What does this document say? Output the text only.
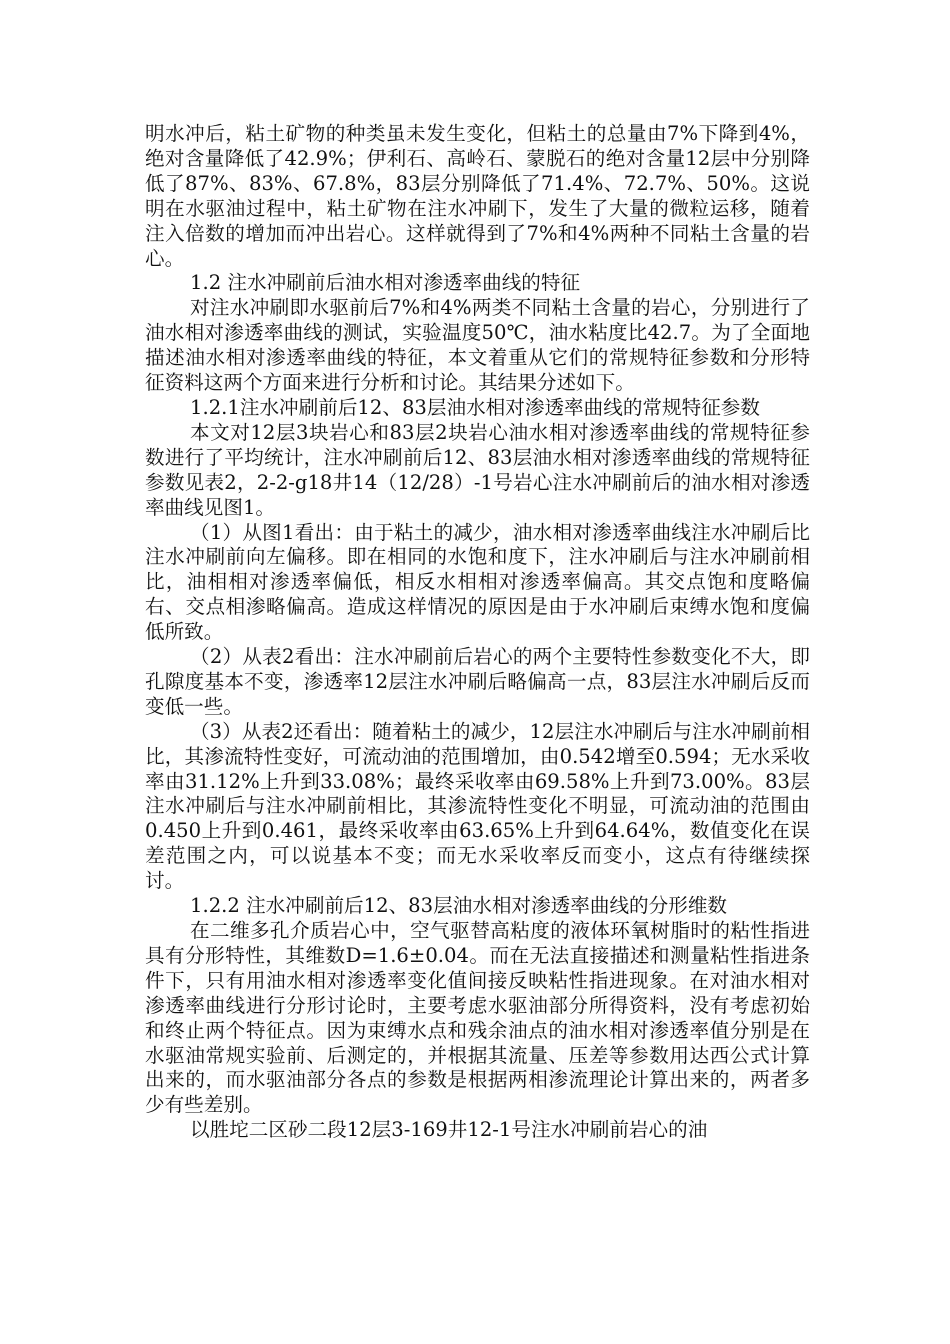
明水冲后，粘土矿物的种类虽未发生变化，但粘土的总量由7%下降到4%，绝对含量降低了42.9%；伊利石、高岭石、蒙脱石的绝对含量12层中分别降低了87%、83%、67.8%，83层分别降低了71.4%、72.7%、50%。这说明在水驱油过程中，粘土矿物在注水冲刷下，发生了大量的微粒运移，随着注入倍数的增加而冲出岩心。这样就得到了7%和4%两种不同粘土含量的岩心。

1.2 注水冲刷前后油水相对渗透率曲线的特征

对注水冲刷即水驱前后7%和4%两类不同粘土含量的岩心，分别进行了油水相对渗透率曲线的测试，实验温度50℃，油水粘度比42.7。为了全面地描述油水相对渗透率曲线的特征，本文着重从它们的常规特征参数和分形特征资料这两个方面来进行分析和讨论。其结果分述如下。

1.2.1注水冲刷前后12、83层油水相对渗透率曲线的常规特征参数

本文对12层3块岩心和83层2块岩心油水相对渗透率曲线的常规特征参数进行了平均统计，注水冲刷前后12、83层油水相对渗透率曲线的常规特征参数见表2，2-2-g18井14（12/28）-1号岩心注水冲刷前后的油水相对渗透率曲线见图1。

（1）从图1看出：由于粘土的减少，油水相对渗透率曲线注水冲刷后比注水冲刷前向左偏移。即在相同的水饱和度下，注水冲刷后与注水冲刷前相比，油相相对渗透率偏低，相反水相相对渗透率偏高。其交点饱和度略偏右、交点相渗略偏高。造成这样情况的原因是由于水冲刷后束缚水饱和度偏低所致。

（2）从表2看出：注水冲刷前后岩心的两个主要特性参数变化不大，即孔隙度基本不变，渗透率12层注水冲刷后略偏高一点，83层注水冲刷后反而变低一些。

（3）从表2还看出：随着粘土的减少，12层注水冲刷后与注水冲刷前相比，其渗流特性变好，可流动油的范围增加，由0.542增至0.594；无水采收率由31.12%上升到33.08%；最终采收率由69.58%上升到73.00%。83层注水冲刷后与注水冲刷前相比，其渗流特性变化不明显，可流动油的范围由0.450上升到0.461，最终采收率由63.65%上升到64.64%，数值变化在误差范围之内，可以说基本不变；而无水采收率反而变小，这点有待继续探讨。

1.2.2 注水冲刷前后12、83层油水相对渗透率曲线的分形维数

在二维多孔介质岩心中，空气驱替高粘度的液体环氧树脂时的粘性指进具有分形特性，其维数D=1.6±0.04。而在无法直接描述和测量粘性指进条件下，只有用油水相对渗透率变化值间接反映粘性指进现象。在对油水相对渗透率曲线进行分形讨论时，主要考虑水驱油部分所得资料，没有考虑初始和终止两个特征点。因为束缚水点和残余油点的油水相对渗透率值分别是在水驱油常规实验前、后测定的，并根据其流量、压差等参数用达西公式计算出来的，而水驱油部分各点的参数是根据两相渗流理论计算出来的，两者多少有些差别。

以胜坨二区砂二段12层3-169井12-1号注水冲刷前岩心的油
